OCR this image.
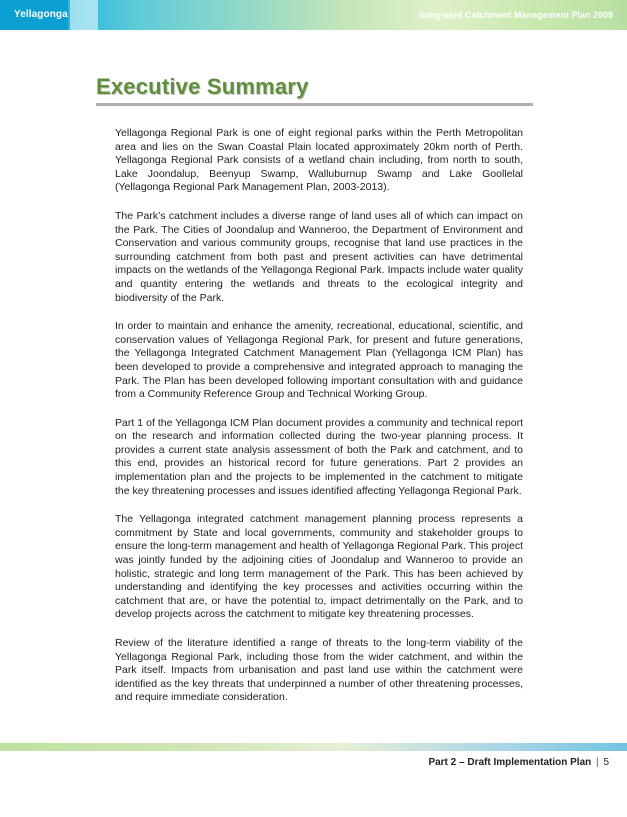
Yellagonga	Integrated Catchment Management Plan 2009
Executive Summary

Yellagonga Regional Park is one of eight regional parks within the Perth Metropolitan area and lies on the Swan Coastal Plain located approximately 20km north of Perth. Yellagonga Regional Park consists of a wetland chain including, from north to south, Lake Joondalup, Beenyup Swamp, Walluburnup Swamp and Lake Goollelal (Yellagonga Regional Park Management Plan, 2003-2013).

The Park’s catchment includes a diverse range of land uses all of which can impact on the Park. The Cities of Joondalup and Wanneroo, the Department of Environment and Conservation and various community groups, recognise that land use practices in the surrounding catchment from both past and present activities can have detrimental impacts on the wetlands of the Yellagonga Regional Park. Impacts include water quality and quantity entering the wetlands and threats to the ecological integrity and biodiversity of the Park.

In order to maintain and enhance the amenity, recreational, educational, scientific, and conservation values of Yellagonga Regional Park, for present and future generations, the Yellagonga Integrated Catchment Management Plan (Yellagonga ICM Plan) has been developed to provide a comprehensive and integrated approach to managing the Park. The Plan has been developed following important consultation with and guidance from a Community Reference Group and Technical Working Group.

Part 1 of the Yellagonga ICM Plan document provides a community and technical report on the research and information collected during the two-year planning process. It provides a current state analysis assessment of both the Park and catchment, and to this end, provides an historical record for future generations. Part 2 provides an implementation plan and the projects to be implemented in the catchment to mitigate the key threatening processes and issues identified affecting Yellagonga Regional Park.

The Yellagonga integrated catchment management planning process represents a commitment by State and local governments, community and stakeholder groups to ensure the long-term management and health of Yellagonga Regional Park. This project was jointly funded by the adjoining cities of Joondalup and Wanneroo to provide an holistic, strategic and long term management of the Park. This has been achieved by understanding and identifying the key processes and activities occurring within the catchment that are, or have the potential to, impact detrimentally on the Park, and to develop projects across the catchment to mitigate key threatening processes.

Review of the literature identified a range of threats to the long-term viability of the Yellagonga Regional Park, including those from the wider catchment, and within the Park itself. Impacts from urbanisation and past land use within the catchment were identified as the key threats that underpinned a number of other threatening processes, and require immediate consideration.

Part 2 – Draft Implementation Plan | 5
